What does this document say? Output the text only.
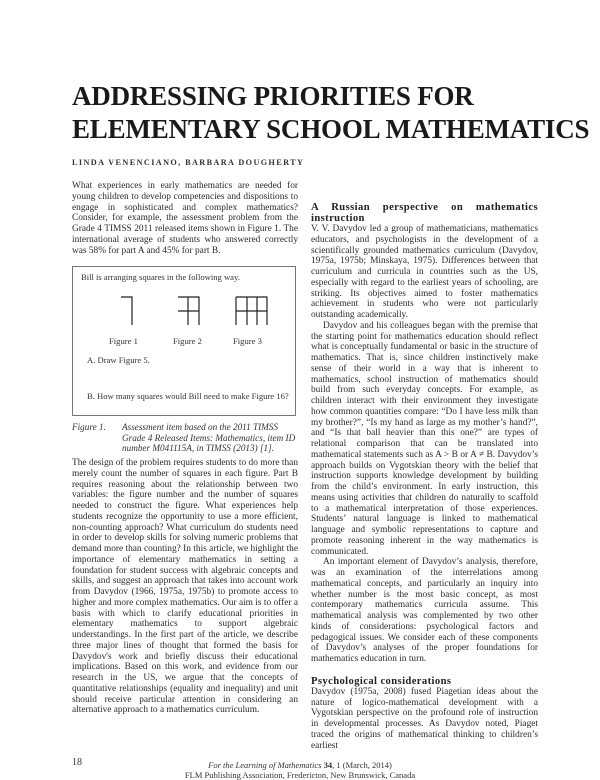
ADDRESSING PRIORITIES FOR
ELEMENTARY SCHOOL MATHEMATICS
LINDA VENENCIANO, BARBARA DOUGHERTY

What experiences in early mathematics are needed for young children to develop competencies and dispositions to engage in sophisticated and complex mathematics? Consider, for example, the assessment problem from the Grade 4 TIMSS 2011 released items shown in Figure 1. The international average of students who answered correctly was 58% for part A and 45% for part B.

Bill is arranging squares in the following way.
Figure 1	Figure 2	Figure 3
A. Draw Figure 5.
B. How many squares would Bill need to make Figure 16?
Figure 1. Assessment item based on the 2011 TIMSS Grade 4 Released Items: Mathematics, item ID number M041115A, in TIMSS (2013) [1].

The design of the problem requires students to do more than merely count the number of squares in each figure. Part B requires reasoning about the relationship between two variables: the figure number and the number of squares needed to construct the figure. What experiences help students recognize the opportunity to use a more efficient, non-counting approach? What curriculum do students need in order to develop skills for solving numeric problems that demand more than counting? In this article, we highlight the importance of elementary mathematics in setting a foundation for student success with algebraic concepts and skills, and suggest an approach that takes into account work from Davydov (1966, 1975a, 1975b) to promote access to higher and more complex mathematics. Our aim is to offer a basis with which to clarify educational priorities in elementary mathematics to support algebraic understandings. In the first part of the article, we describe three major lines of thought that formed the basis for Davydov's work and briefly discuss their educational implications. Based on this work, and evidence from our research in the US, we argue that the concepts of quantitative relationships (equality and inequality) and unit should receive particular attention in considering an alternative approach to a mathematics curriculum.

A Russian perspective on mathematics instruction

V. V. Davydov led a group of mathematicians, mathematics educators, and psychologists in the development of a scientifically grounded mathematics curriculum (Davydov, 1975a, 1975b; Minskaya, 1975). Differences between that curriculum and curricula in countries such as the US, especially with regard to the earliest years of schooling, are striking. Its objectives aimed to foster mathematics achievement in students who were not particularly outstanding academically.

Davydov and his colleagues began with the premise that the starting point for mathematics education should reflect what is conceptually fundamental or basic in the structure of mathematics. That is, since children instinctively make sense of their world in a way that is inherent to mathematics, school instruction of mathematics should build from such everyday concepts. For example, as children interact with their environment they investigate how common quantities compare: “Do I have less milk than my brother?”, “Is my hand as large as my mother’s hand?”, and “Is that ball heavier than this one?” are types of relational comparison that can be translated into mathematical statements such as A > B or A ≠ B. Davydov’s approach builds on Vygotskian theory with the belief that instruction supports knowledge development by building from the child’s environment. In early instruction, this means using activities that children do naturally to scaffold to a mathematical interpretation of those experiences. Students’ natural language is linked to mathematical language and symbolic representations to capture and promote reasoning inherent in the way mathematics is communicated.

An important element of Davydov’s analysis, therefore, was an examination of the interrelations among mathematical concepts, and particularly an inquiry into whether number is the most basic concept, as most contemporary mathematics curricula assume. This mathematical analysis was complemented by two other kinds of considerations: psychological factors and pedagogical issues. We consider each of these components of Davydov’s analyses of the proper foundations for mathematics education in turn.

Psychological considerations

Davydov (1975a, 2008) fused Piagetian ideas about the nature of logico-mathematical development with a Vygotskian perspective on the profound role of instruction in developmental processes. As Davydov noted, Piaget traced the origins of mathematical thinking to children’s earliest

18	For the Learning of Mathematics 34, 1 (March, 2014)
FLM Publishing Association, Fredericton, New Brunswick, Canada
